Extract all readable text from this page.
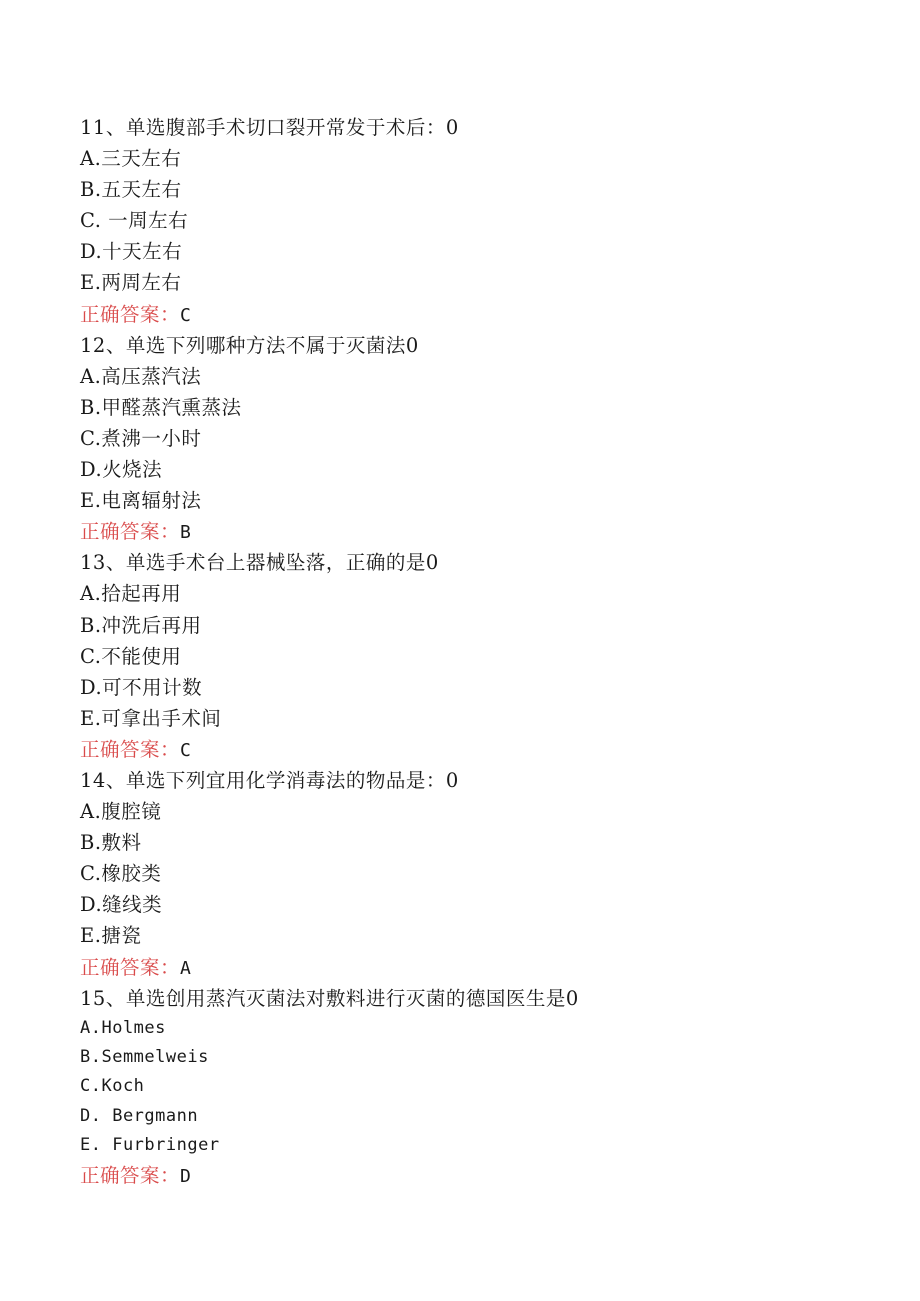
11、单选腹部手术切口裂开常发于术后：0
A.三天左右
B.五天左右
C. 一周左右
D.十天左右
E.两周左右
正确答案：C
12、单选下列哪种方法不属于灭菌法0
A.高压蒸汽法
B.甲醛蒸汽熏蒸法
C.煮沸一小时
D.火烧法
E.电离辐射法
正确答案：B
13、单选手术台上器械坠落，正确的是0
A.拾起再用
B.冲洗后再用
C.不能使用
D.可不用计数
E.可拿出手术间
正确答案：C
14、单选下列宜用化学消毒法的物品是：0
A.腹腔镜
B.敷料
C.橡胶类
D.缝线类
E.搪瓷
正确答案：A
15、单选创用蒸汽灭菌法对敷料进行灭菌的德国医生是0
A.Holmes
B.Semmelweis
C.Koch
D. Bergmann
E. Furbringer
正确答案：D
